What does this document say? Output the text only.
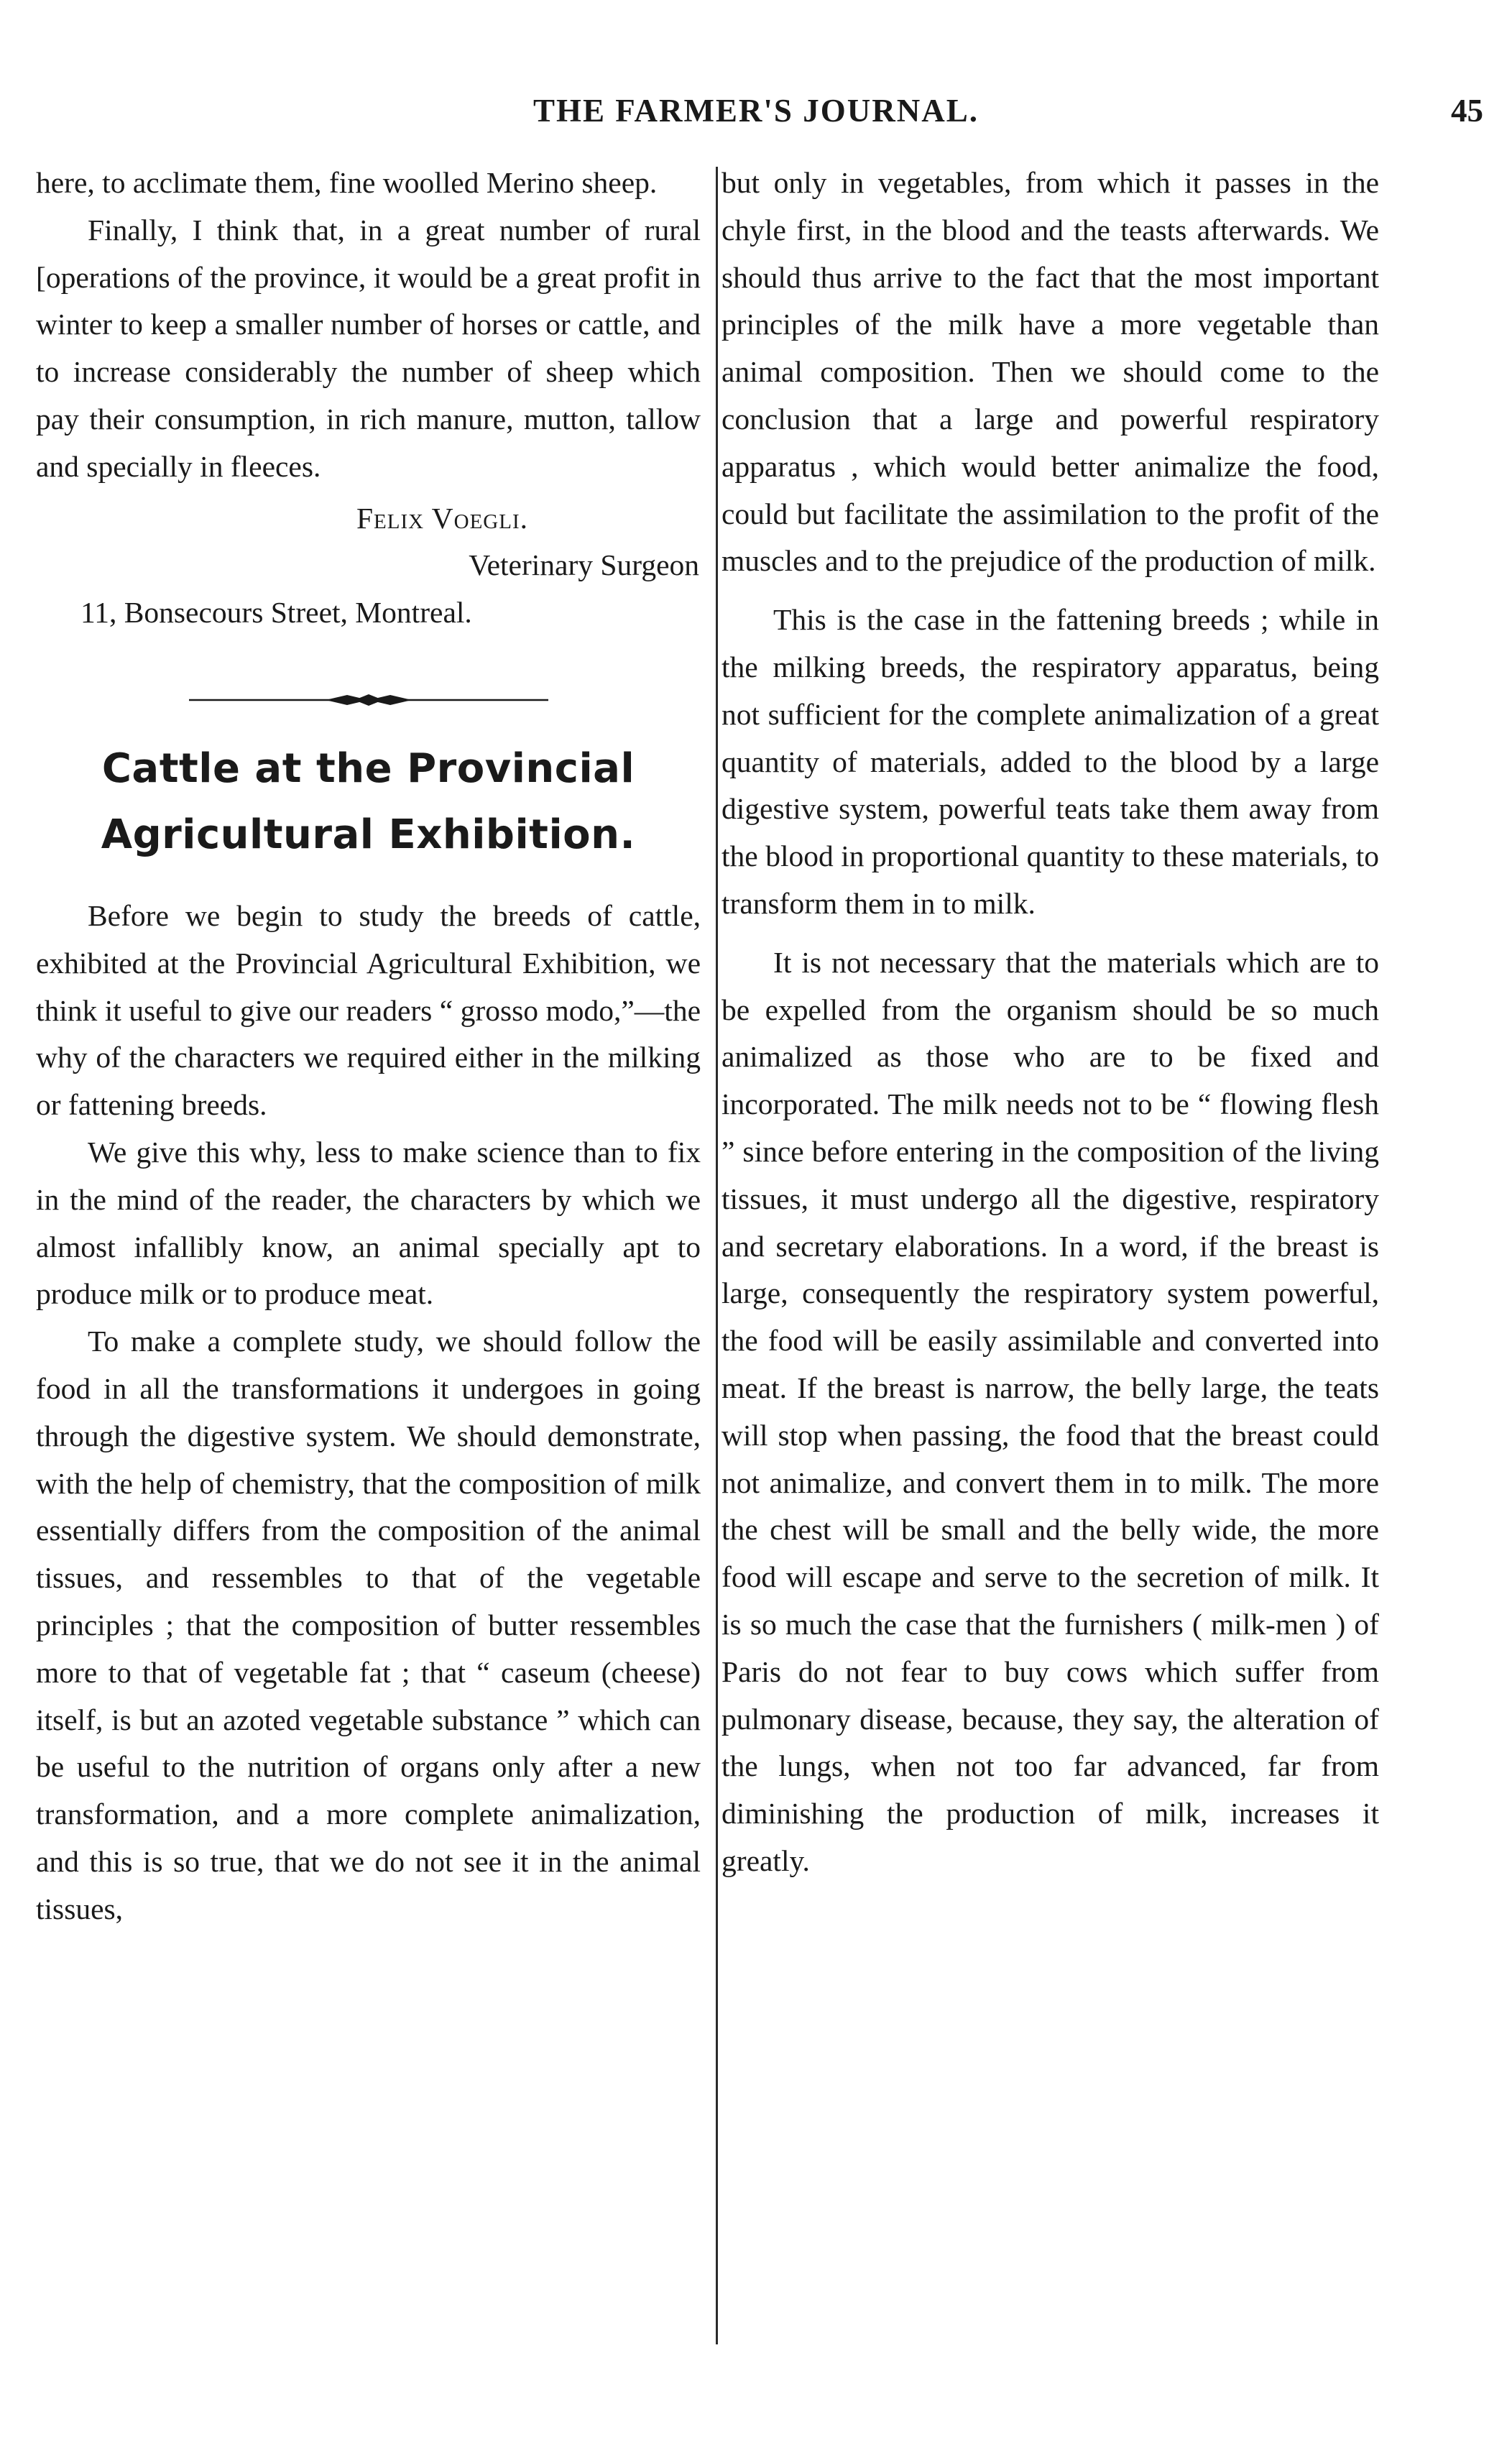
THE FARMER'S JOURNAL.	45

here, to acclimate them, fine woolled Merino sheep.

Finally, I think that, in a great number of rural [operations of the province, it would be a great profit in winter to keep a smaller number of horses or cattle, and to increase considerably the number of sheep which pay their consumption, in rich manure, mutton, tallow and specially in fleeces.

Felix Voegli.

Veterinary Surgeon

11, Bonsecours Street, Montreal.

Cattle at the Provincial Agricultural Exhibition.

Before we begin to study the breeds of cattle, exhibited at the Provincial Agricultural Exhibition, we think it useful to give our readers “ grosso modo,”—the why of the characters we required either in the milking or fattening breeds.

We give this why, less to make science than to fix in the mind of the reader, the characters by which we almost infallibly know, an animal specially apt to produce milk or to produce meat.

To make a complete study, we should follow the food in all the transformations it undergoes in going through the digestive system. We should demonstrate, with the help of chemistry, that the composition of milk essentially differs from the composition of the animal tissues, and ressembles to that of the vegetable principles ; that the composition of butter ressembles more to that of vegetable fat ; that “ caseum (cheese) itself, is but an azoted vegetable substance ” which can be useful to the nutrition of organs only after a new transformation, and a more complete animalization, and this is so true, that we do not see it in the animal tissues,

but only in vegetables, from which it passes in the chyle first, in the blood and the teasts afterwards. We should thus arrive to the fact that the most important principles of the milk have a more vegetable than animal composition. Then we should come to the conclusion that a large and powerful respiratory apparatus , which would better animalize the food, could but facilitate the assimilation to the profit of the muscles and to the prejudice of the production of milk.

This is the case in the fattening breeds ; while in the milking breeds, the respiratory apparatus, being not sufficient for the complete animalization of a great quantity of materials, added to the blood by a large digestive system, powerful teats take them away from the blood in proportional quantity to these materials, to transform them in to milk.

It is not necessary that the materials which are to be expelled from the organism should be so much animalized as those who are to be fixed and incorporated. The milk needs not to be “ flowing flesh ” since before entering in the composition of the living tissues, it must undergo all the digestive, respiratory and secretary elaborations. In a word, if the breast is large, consequently the respiratory system powerful, the food will be easily assimilable and converted into meat. If the breast is narrow, the belly large, the teats will stop when passing, the food that the breast could not animalize, and convert them in to milk. The more the chest will be small and the belly wide, the more food will escape and serve to the secretion of milk. It is so much the case that the furnishers ( milk-men ) of Paris do not fear to buy cows which suffer from pulmonary disease, because, they say, the alteration of the lungs, when not too far advanced, far from diminishing the production of milk, increases it greatly.
